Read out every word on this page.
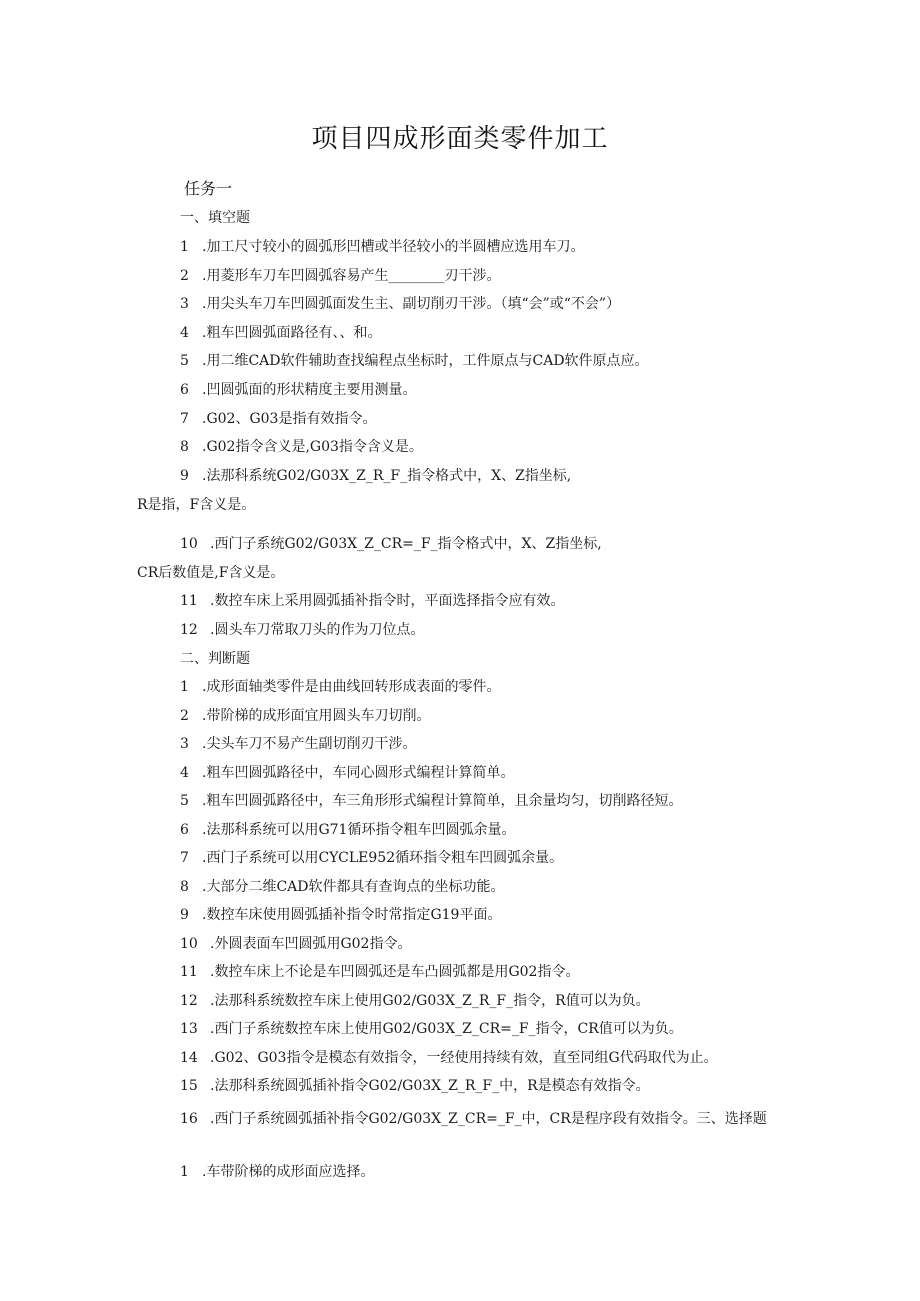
项目四成形面类零件加工
任务一
一、填空题
1 .加工尺寸较小的圆弧形凹槽或半径较小的半圆槽应选用车刀。
2 .用菱形车刀车凹圆弧容易产生________刃干涉。
3 .用尖头车刀车凹圆弧面发生主、副切削刃干涉。（填“会”或“不会”）
4 .粗车凹圆弧面路径有、、和。
5 .用二维CAD软件辅助查找编程点坐标时，工件原点与CAD软件原点应。
6 .凹圆弧面的形状精度主要用测量。
7 .G02、G03是指有效指令。
8 .G02指令含义是,G03指令含义是。
9 .法那科系统G02/G03X_Z_R_F_指令格式中，X、Z指坐标,
R是指，F含义是。
10 .西门子系统G02/G03X_Z_CR=_F_指令格式中，X、Z指坐标,
CR后数值是,F含义是。
11 .数控车床上采用圆弧插补指令时，平面选择指令应有效。
12 .圆头车刀常取刀头的作为刀位点。
二、判断题
1 .成形面轴类零件是由曲线回转形成表面的零件。
2 .带阶梯的成形面宜用圆头车刀切削。
3 .尖头车刀不易产生副切削刃干涉。
4 .粗车凹圆弧路径中，车同心圆形式编程计算简单。
5 .粗车凹圆弧路径中，车三角形形式编程计算简单，且余量均匀，切削路径短。
6 .法那科系统可以用G71循环指令粗车凹圆弧余量。
7 .西门子系统可以用CYCLE952循环指令粗车凹圆弧余量。
8 .大部分二维CAD软件都具有查询点的坐标功能。
9 .数控车床使用圆弧插补指令时常指定G19平面。
10 .外圆表面车凹圆弧用G02指令。
11 .数控车床上不论是车凹圆弧还是车凸圆弧都是用G02指令。
12 .法那科系统数控车床上使用G02/G03X_Z_R_F_指令，R值可以为负。
13 .西门子系统数控车床上使用G02/G03X_Z_CR=_F_指令，CR值可以为负。
14 .G02、G03指令是模态有效指令，一经使用持续有效，直至同组G代码取代为止。
15 .法那科系统圆弧插补指令G02/G03X_Z_R_F_中，R是模态有效指令。
16 .西门子系统圆弧插补指令G02/G03X_Z_CR=_F_中，CR是程序段有效指令。三、选择题
1 .车带阶梯的成形面应选择。
